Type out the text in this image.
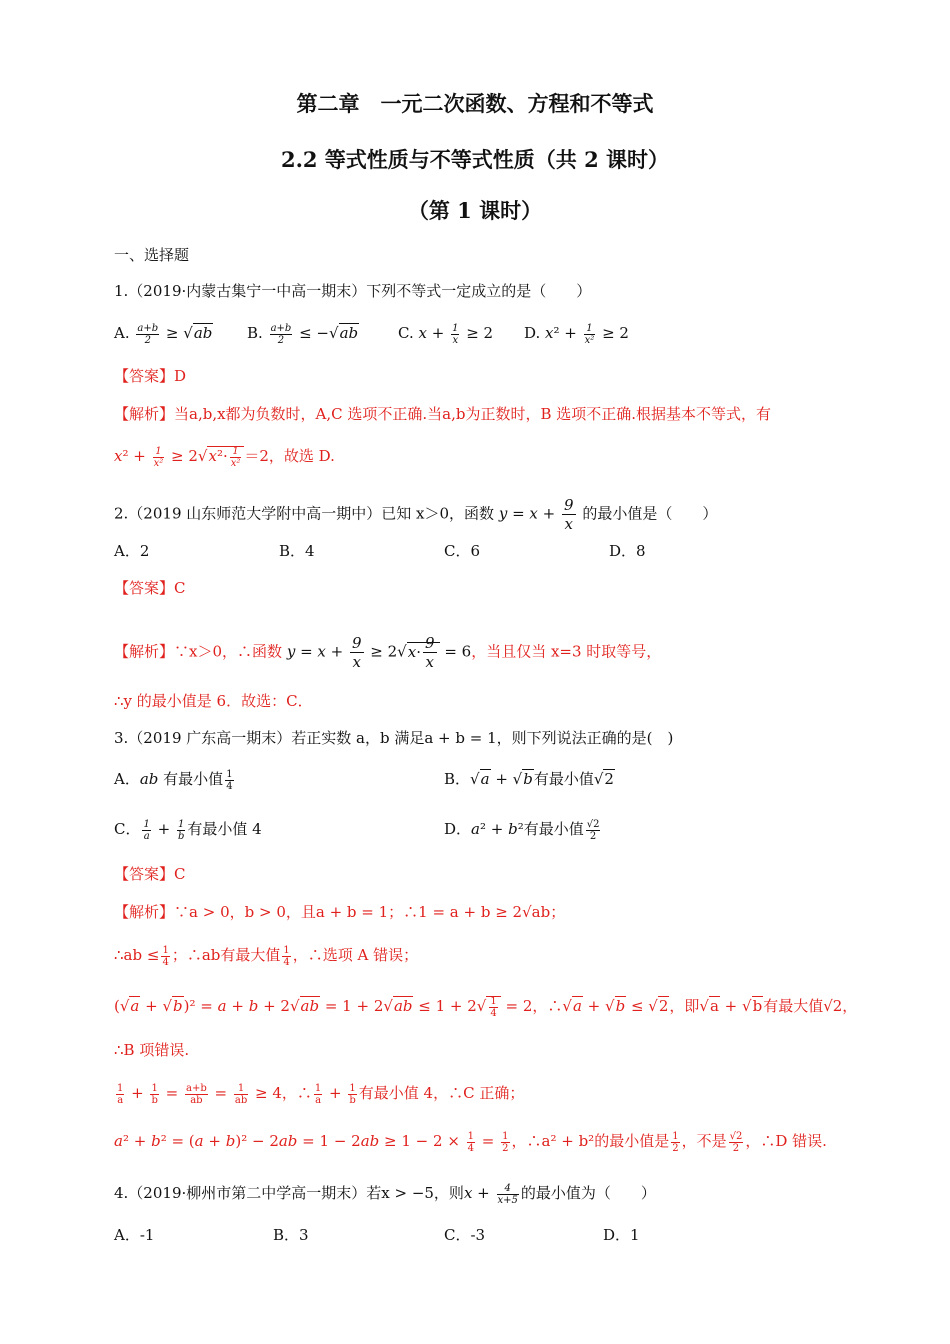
第二章　一元二次函数、方程和不等式
2.2 等式性质与不等式性质（共 2 课时）
（第 1 课时）
一、选择题
1.（2019·内蒙古集宁一中高一期末）下列不等式一定成立的是（　　）
A. $\frac{a+b}{2} \ge √ab$ B. $\frac{a+b}{2} \le -√ab$	C. $x + \frac{1}{x} \ge 2$ D. $x^2 + \frac{1}{\text{x²}} \ge 2$
【答案】D
【解析】当a,b,x都为负数时，A,C 选项不正确.当a,b为正数时，B 选项不正确.根据基本不等式，有
$x^2 + \frac{1}{\text{x²}} \ge 2√x^2\cdot \frac{1}{\text{x²}} =2$，故选 D.
2.（2019 山东师范大学附中高一期中）已知 x＞0，函数 $y = x + \frac{9}{x}$ 的最小值是（　　）
A．2	B．4	C．6	D．8
【答案】C
【解析】∵x＞0，∴函数 $y = x + \frac{9}{x} \ge 2√x\cdot \frac{9}{x} = 6$，当且仅当 x=3 时取等号，
∴y 的最小值是 6．故选：C．
3.（2019 广东高一期末）若正实数 a，b 满足a + b = 1，则下列说法正确的是(　)
A．ab 有最小值 $\frac{1}{4}$	B．√a + √b有最小值√2
C． $\frac{1}{a} + \frac{1}{b}$ 有最小值 4	D．a² + b²有最小值 $\frac{√2}{2}$
【答案】C
【解析】∵a > 0，b > 0，且a + b = 1；∴1 = a + b ≥ 2√ab；
∴ab ≤ $\frac{1}{4}$ ；∴ab有最大值 $\frac{1}{4}$ ，∴选项 A 错误；
$(√a + √b)^2 = a + b + 2√ab = 1 + 2√ab \le 1 + 2√ \frac{1}{4} = 2$，∴√a + √b ≤ √2，即√a + √b有最大值√2，
∴B 项错误.
$\frac{1}{a} + \frac{1}{b} = \frac{a+b}{ab} = \frac{1}{ab} \ge 4$，∴ $\frac{1}{a} + \frac{1}{b}$ 有最小值 4，∴C 正确；
$a^2 + b^2 = (a + b)^2 - 2ab = 1 - 2ab \ge 1 - 2 \times \frac{1}{4} = \frac{1}{2}$ ，∴a² + b²的最小值是 $\frac{1}{2}$ ，不是 $\frac{√2}{2}$ ，∴D 错误.
4.（2019·柳州市第二中学高一期末）若x > −5，则$x + \frac{4}{x+5}$ 的最小值为（　　）
A．-1	B．3	C．-3	D．1
